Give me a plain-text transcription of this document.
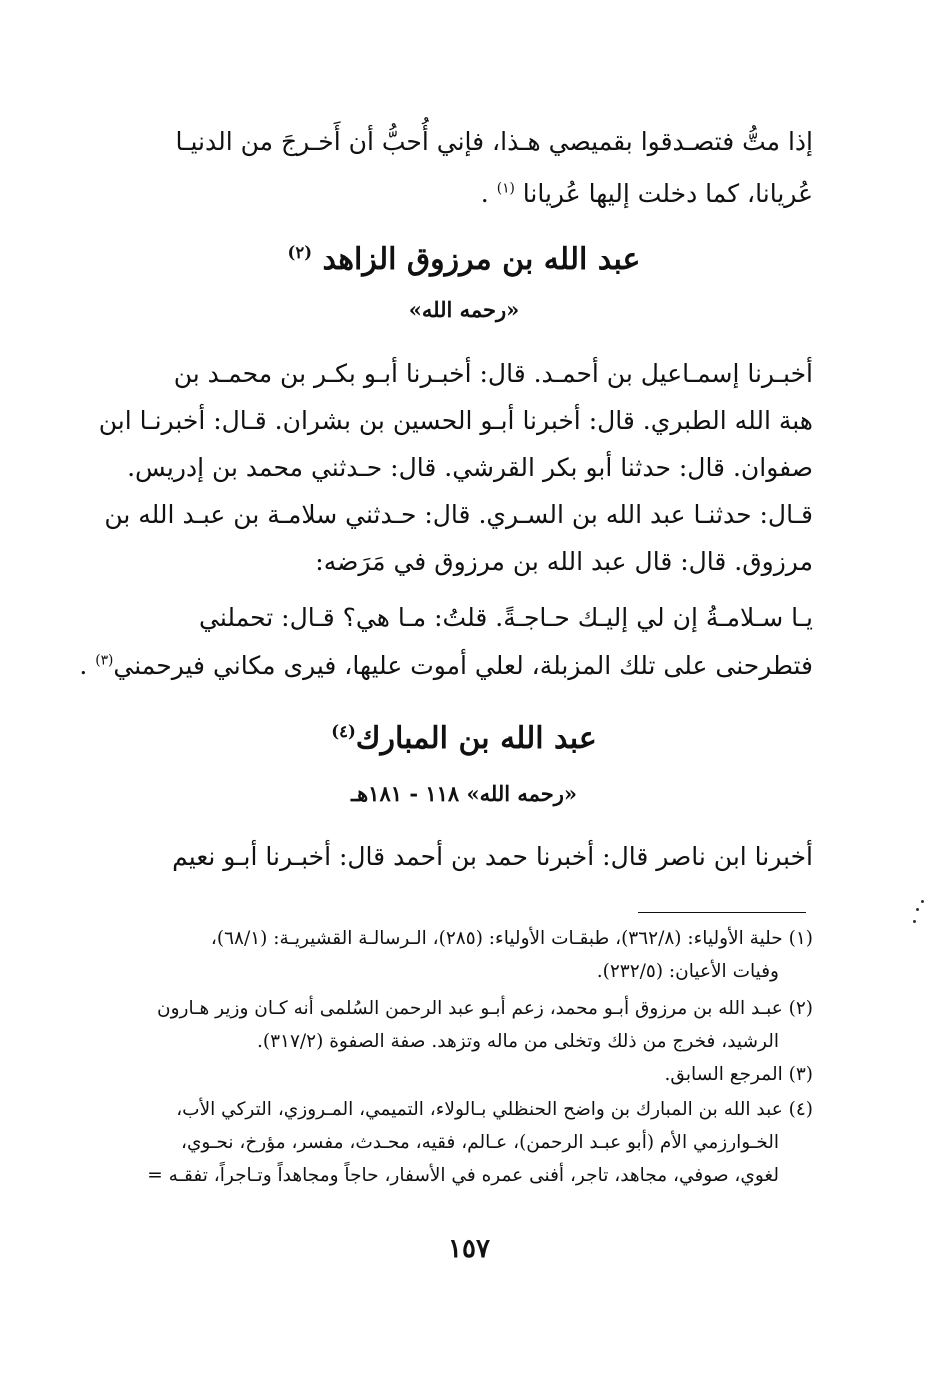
إذا متُّ فتصـدقوا بقميصي هـذا، فإني أُحبُّ أن أَخـرجَ من الدنيـا
عُريانا، كما دخلت إليها عُريانا $^{(١)}$ .
عبد الله بن مرزوق الزاهد $^{(٢)}$
«رحمه الله»
أخبـرنا إسمـاعيل بن أحمـد. قال: أخبـرنا أبـو بكـر بن محمـد بن
هبة الله الطبري. قال: أخبرنا أبـو الحسين بن بشران. قـال: أخبرنـا ابن
صفوان. قال: حدثنا أبو بكر القرشي. قال: حـدثني محمد بن إدريس.
قـال: حدثنـا عبد الله بن السـري. قال: حـدثني سلامـة بن عبـد الله بن
مرزوق. قال: قال عبد الله بن مرزوق في مَرَضه:
يـا سـلامـةُ إن لي إليـك حـاجـةً. قلتُ: مـا هي؟ قـال: تحملني
فتطرحنى على تلك المزبلة، لعلي أموت عليها، فيرى مكاني فيرحمني$^{(٣)}$ .
عبد الله بن المبارك$^{(٤)}$
«رحمه الله» ١١٨ - ١٨١هـ
أخبرنا ابن ناصر قال: أخبرنا حمد بن أحمد قال: أخبـرنا أبـو نعيم
(١) حلية الأولياء: (٣٦٢/٨)، طبقـات الأولياء: (٢٨٥)، الـرسالـة القشيريـة: (٦٨/١)،
وفيات الأعيان: (٢٣٢/٥).
(٢) عبـد الله بن مرزوق أبـو محمد، زعم أبـو عبد الرحمن السُلمى أنه كـان وزير هـارون
الرشيد، فخرج من ذلك وتخلى من ماله وتزهد. صفة الصفوة (٣١٧/٢).
(٣) المرجع السابق.
(٤) عبد الله بن المبارك بن واضح الحنظلي بـالولاء، التميمي، المـروزي، التركي الأب،
الخـوارزمي الأم (أبو عبـد الرحمن)، عـالم، فقيه، محـدث، مفسر، مؤرخ، نحـوي،
لغوي، صوفي، مجاهد، تاجر، أفنى عمره في الأسفار، حاجاً ومجاهداً وتـاجراً، تفقـه =
١٥٧
